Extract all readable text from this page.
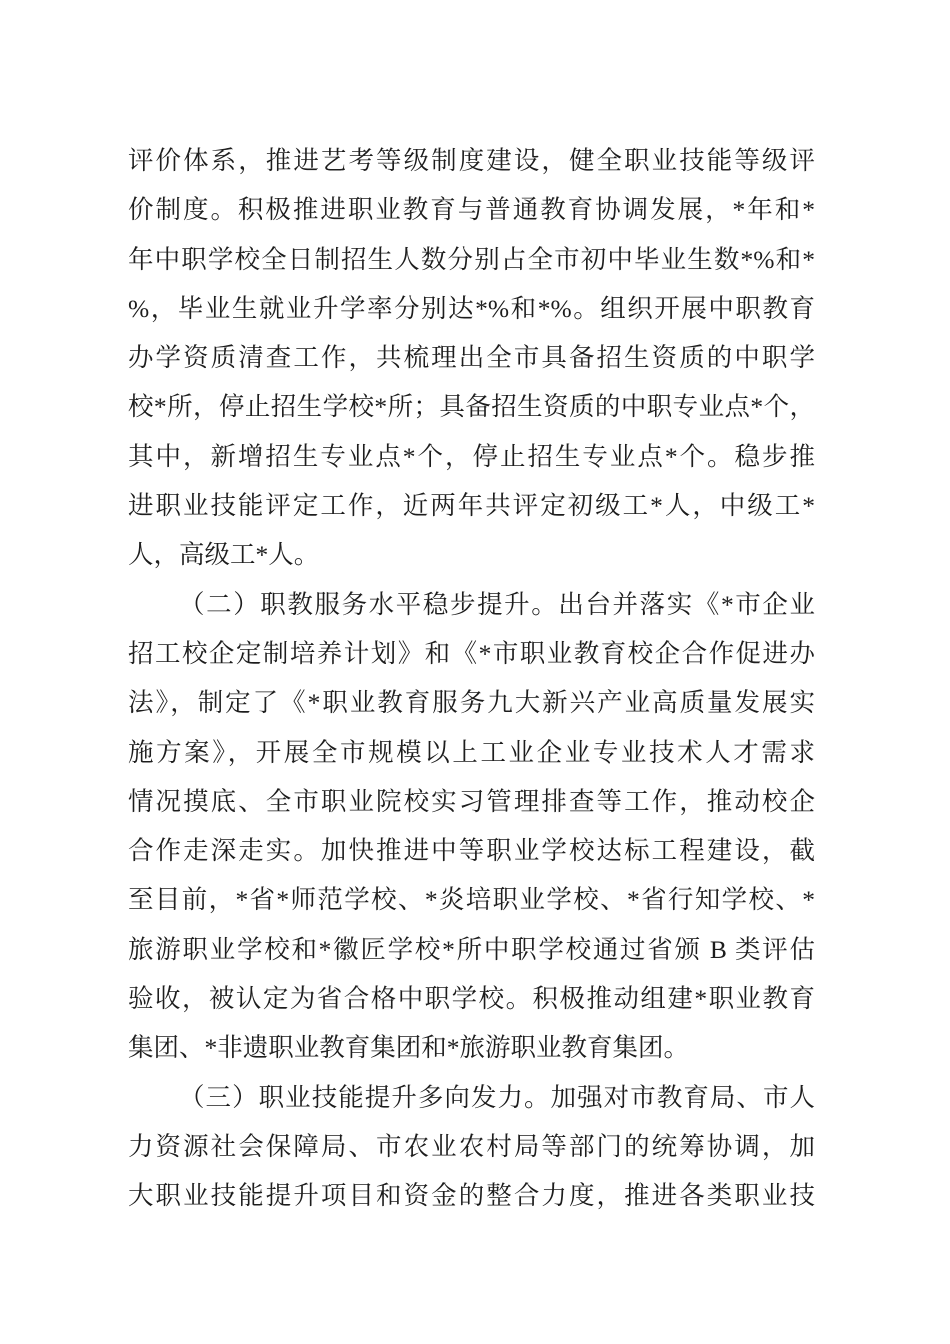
评价体系，推进艺考等级制度建设，健全职业技能等级评
价制度。积极推进职业教育与普通教育协调发展，*年和*
年中职学校全日制招生人数分别占全市初中毕业生数*%和*
%，毕业生就业升学率分别达*%和*%。组织开展中职教育
办学资质清查工作，共梳理出全市具备招生资质的中职学
校*所，停止招生学校*所；具备招生资质的中职专业点*个，
其中，新增招生专业点*个，停止招生专业点*个。稳步推
进职业技能评定工作，近两年共评定初级工*人，中级工*
人，高级工*人。
（二）职教服务水平稳步提升。出台并落实《*市企业
招工校企定制培养计划》和《*市职业教育校企合作促进办
法》，制定了《*职业教育服务九大新兴产业高质量发展实
施方案》，开展全市规模以上工业企业专业技术人才需求
情况摸底、全市职业院校实习管理排查等工作，推动校企
合作走深走实。加快推进中等职业学校达标工程建设，截
至目前，*省*师范学校、*炎培职业学校、*省行知学校、*
旅游职业学校和*徽匠学校*所中职学校通过省颁 B 类评估
验收，被认定为省合格中职学校。积极推动组建*职业教育
集团、*非遗职业教育集团和*旅游职业教育集团。
（三）职业技能提升多向发力。加强对市教育局、市人
力资源社会保障局、市农业农村局等部门的统筹协调，加
大职业技能提升项目和资金的整合力度，推进各类职业技
